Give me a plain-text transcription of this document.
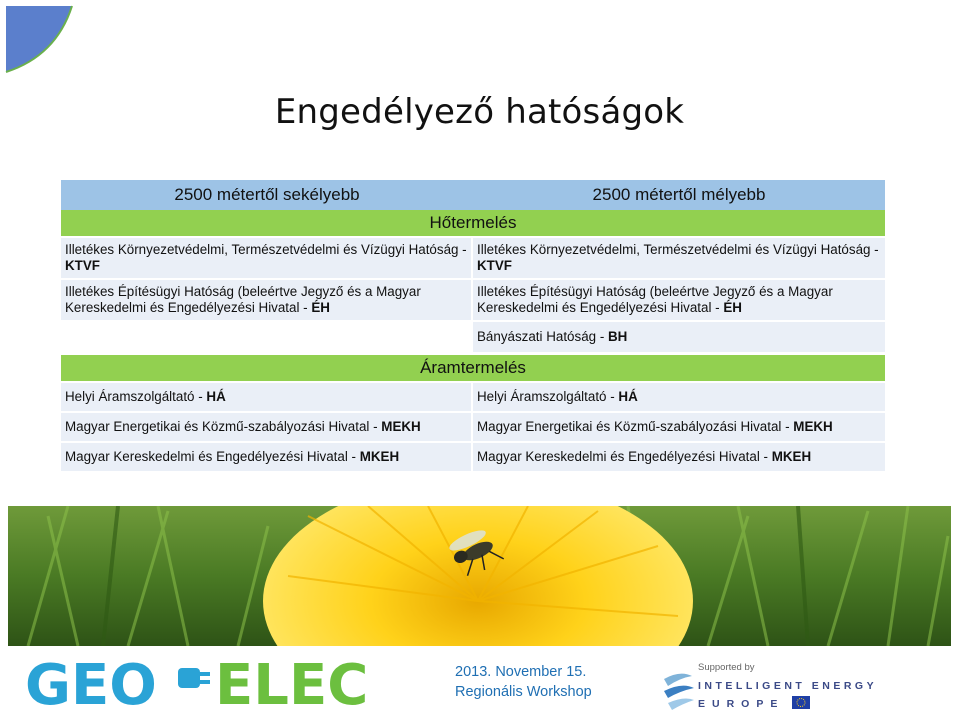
Engedélyező hatóságok
2500 métertől sekélyebb	2500 métertől mélyebb
Hőtermelés
Illetékes Környezetvédelmi, Természetvédelmi és Vízügyi Hatóság - KTVF
Illetékes Építésügyi Hatóság (beleértve Jegyző és a Magyar Kereskedelmi és Engedélyezési Hivatal - ÉH
Illetékes Környezetvédelmi, Természetvédelmi és Vízügyi Hatóság - KTVF
Illetékes Építésügyi Hatóság (beleértve Jegyző és a Magyar Kereskedelmi és Engedélyezési Hivatal - ÉH
Bányászati Hatóság - BH
Áramtermelés
Helyi Áramszolgáltató - HÁ
Magyar Energetikai és Közmű-szabályozási Hivatal - MEKH
Magyar Kereskedelmi és Engedélyezési Hivatal - MKEH
Helyi Áramszolgáltató - HÁ
Magyar Energetikai és Közmű-szabályozási Hivatal - MEKH
Magyar Kereskedelmi és Engedélyezési Hivatal - MKEH
GEO ELEC	2013. November 15.
Regionális Workshop
Supported by
INTELLIGENT ENERGY
EUROPE
